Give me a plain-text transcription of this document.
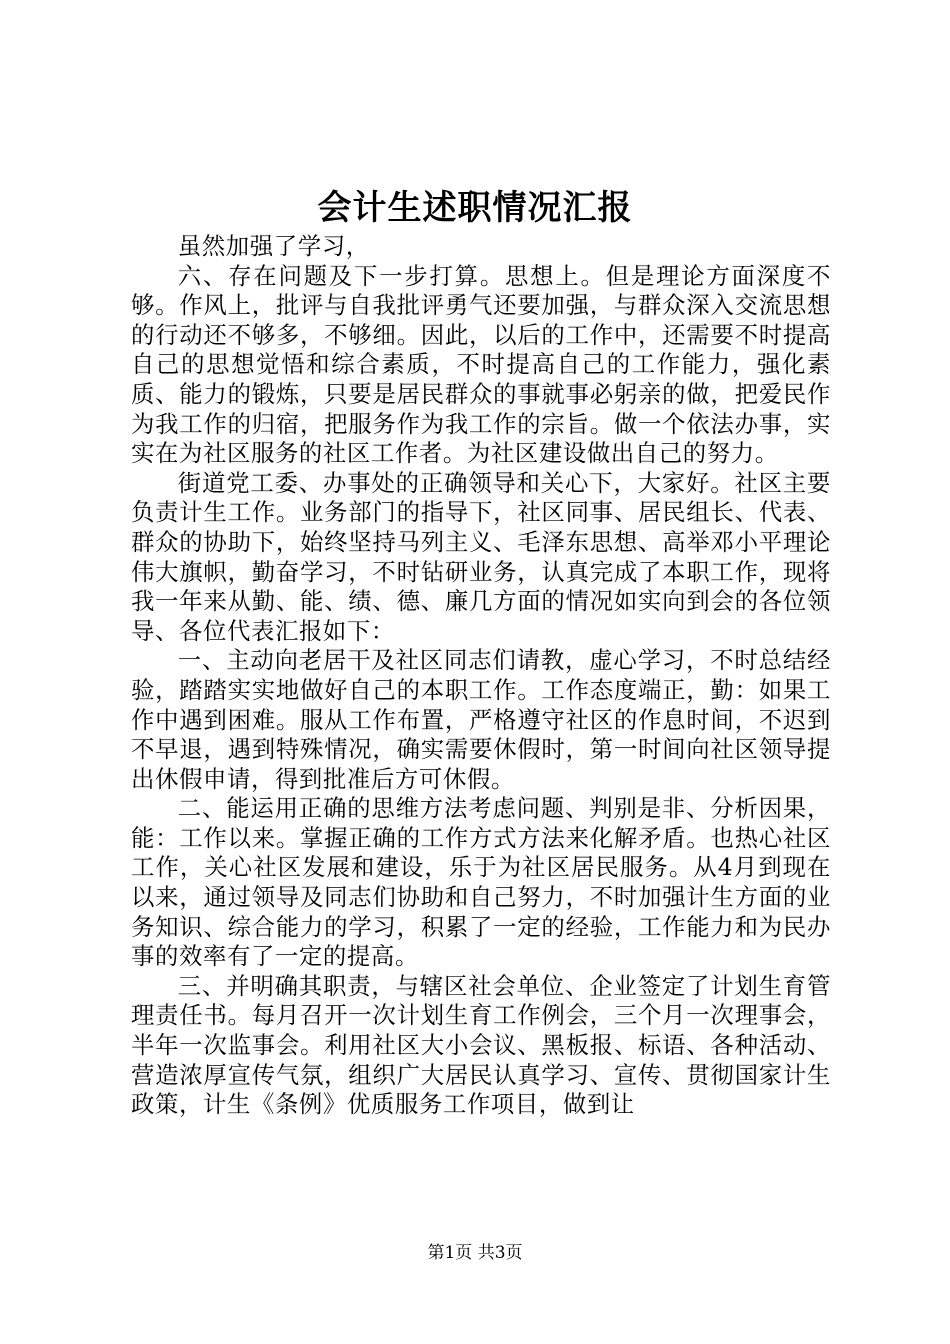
会计生述职情况汇报

虽然加强了学习，

六、存在问题及下一步打算。思想上。但是理论方面深度不够。作风上，批评与自我批评勇气还要加强，与群众深入交流思想的行动还不够多，不够细。因此，以后的工作中，还需要不时提高自己的思想觉悟和综合素质，不时提高自己的工作能力，强化素质、能力的锻炼，只要是居民群众的事就事必躬亲的做，把爱民作为我工作的归宿，把服务作为我工作的宗旨。做一个依法办事，实实在为社区服务的社区工作者。为社区建设做出自己的努力。

街道党工委、办事处的正确领导和关心下，大家好。社区主要负责计生工作。业务部门的指导下，社区同事、居民组长、代表、群众的协助下，始终坚持马列主义、毛泽东思想、高举邓小平理论伟大旗帜，勤奋学习，不时钻研业务，认真完成了本职工作，现将我一年来从勤、能、绩、德、廉几方面的情况如实向到会的各位领导、各位代表汇报如下：

一、主动向老居干及社区同志们请教，虚心学习，不时总结经验，踏踏实实地做好自己的本职工作。工作态度端正，勤：如果工作中遇到困难。服从工作布置，严格遵守社区的作息时间，不迟到不早退，遇到特殊情况，确实需要休假时，第一时间向社区领导提出休假申请，得到批准后方可休假。

二、能运用正确的思维方法考虑问题、判别是非、分析因果，能：工作以来。掌握正确的工作方式方法来化解矛盾。也热心社区工作，关心社区发展和建设，乐于为社区居民服务。从4月到现在以来，通过领导及同志们协助和自己努力，不时加强计生方面的业务知识、综合能力的学习，积累了一定的经验，工作能力和为民办事的效率有了一定的提高。

三、并明确其职责，与辖区社会单位、企业签定了计划生育管理责任书。每月召开一次计划生育工作例会，三个月一次理事会，半年一次监事会。利用社区大小会议、黑板报、标语、各种活动、营造浓厚宣传气氛，组织广大居民认真学习、宣传、贯彻国家计生政策，计生《条例》优质服务工作项目，做到让

第1页 共3页
